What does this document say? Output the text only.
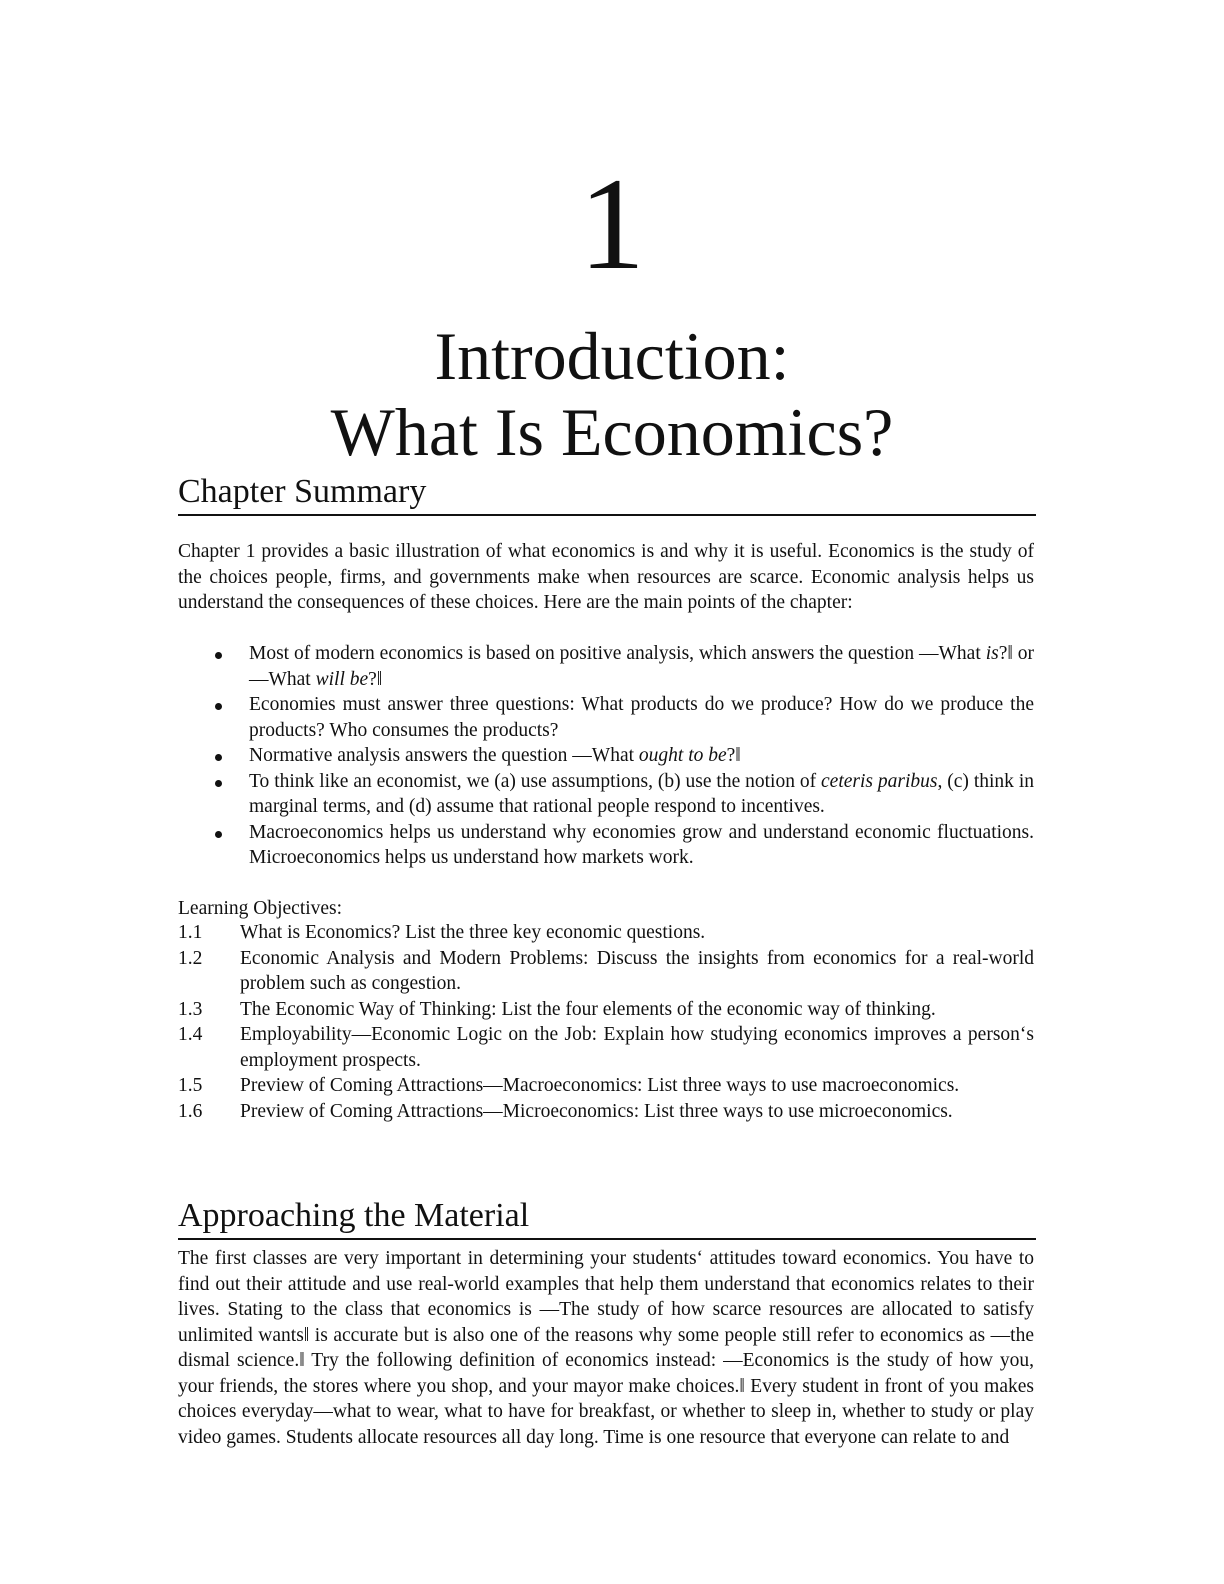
1
Introduction:
What Is Economics?
Chapter Summary
Chapter 1 provides a basic illustration of what economics is and why it is useful. Economics is the study of the choices people, firms, and governments make when resources are scarce. Economic analysis helps us understand the consequences of these choices. Here are the main points of the chapter:
Most of modern economics is based on positive analysis, which answers the question —What is?‖ or —What will be?‖
Economies must answer three questions: What products do we produce? How do we produce the products? Who consumes the products?
Normative analysis answers the question —What ought to be?‖
To think like an economist, we (a) use assumptions, (b) use the notion of ceteris paribus, (c) think in marginal terms, and (d) assume that rational people respond to incentives.
Macroeconomics helps us understand why economies grow and understand economic fluctuations. Microeconomics helps us understand how markets work.
Learning Objectives:
1.1 What is Economics? List the three key economic questions.
1.2 Economic Analysis and Modern Problems: Discuss the insights from economics for a real-world problem such as congestion.
1.3 The Economic Way of Thinking: List the four elements of the economic way of thinking.
1.4 Employability—Economic Logic on the Job: Explain how studying economics improves a person‘s employment prospects.
1.5 Preview of Coming Attractions—Macroeconomics: List three ways to use macroeconomics.
1.6 Preview of Coming Attractions—Microeconomics: List three ways to use microeconomics.
Approaching the Material
The first classes are very important in determining your students‘ attitudes toward economics. You have to find out their attitude and use real-world examples that help them understand that economics relates to their lives. Stating to the class that economics is —The study of how scarce resources are allocated to satisfy unlimited wants‖ is accurate but is also one of the reasons why some people still refer to economics as —the dismal science.‖ Try the following definition of economics instead: —Economics is the study of how you, your friends, the stores where you shop, and your mayor make choices.‖ Every student in front of you makes choices everyday—what to wear, what to have for breakfast, or whether to sleep in, whether to study or play video games. Students allocate resources all day long. Time is one resource that everyone can relate to and
